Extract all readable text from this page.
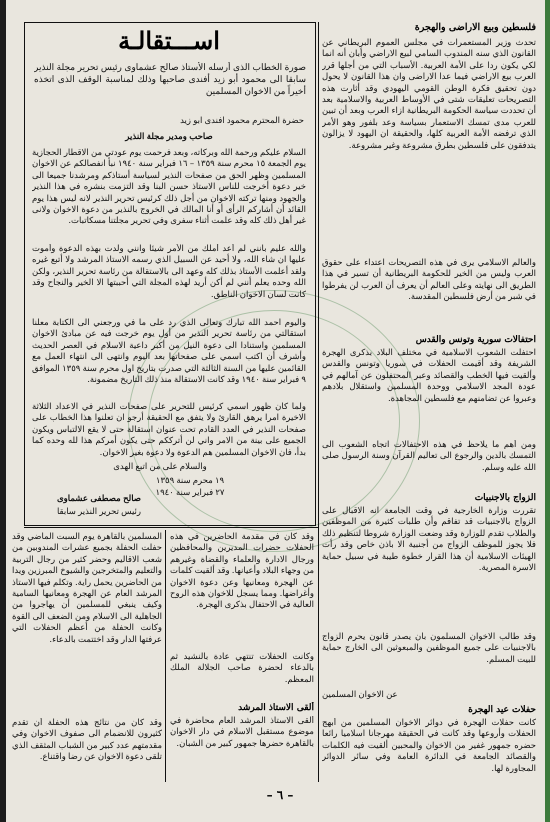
اســـتقالـة
صورة الخطاب الذى أرسله الأستاذ صالح عشماوى رئيس تحرير مجلة النذير سابقا الى محمود أبو زيد أفندى صاحبها وذلك لمناسبة الوقف الذى اتخذه أخيراً من الاخوان المسلمين
حضرة المحترم محمود افندى ابو زيد
صاحب ومدير مجلة النذير
السلام عليكم ورحمة الله وبركاته، وبعد فرحمت يوم عودتي من الاقطار الحجازية يوم الجمعة ١٥ محرم سنة ١٣٥٩ – ١٦ فبراير سنة ١٩٤٠ نبأ انفصالكم عن الاخوان المسلمين وظهر الحق من صفحات النذير لسياسة أستاذكم ومرشدنا جميعا الى خير دعوة أخرجت للناس الاستاذ حسن البنا وقد التزمت بنشره في هذا النذير والجهود ومنها تركته الاخوان من أجل ذلك كرئيس تحرير النذير لانه ليس هذا يوم القائد أن أشاركم الرأى أو أنا المالك في الخروج بالنذير من دعوة الاخوان ولانى غير أهل ذلك كله وقد علمت أثناء سفرى وفي تحرير مجلتنا مسكاتبات.
والله عليم بأنني لم أعد أملك من الأمر شيئاً وانني ولدت بهذه الدعوة وأموت عليها ان شاء الله، ولا أحيد عن السبيل الذي رسمه الاستاذ المرشد ولا أتبع غيره ولقد أعلمت الأستاذ بذلك كله وعهد الى بالاستقالة من رئاسة تحرير النذير، ولكن الله وحده يعلم أنني لم أكن أريد لهذه المجلة التي أحببتها الا الخير والنجاح وقد كانت لسان الاخوان الناطق.
واليوم احمد الله تبارك وتعالى الذي رد على ما في ورجعني الى الكتابة معلنا استقالتي من رئاسة تحرير النذير من أول يوم خرجت فيه عن مبادئ الاخوان المسلمين واستنادا الى دعوة النيل من أكبر داعية الاسلام في العصر الحديث وأشرف أن اكتب اسمي على صفحاتها بعد اليوم وانتهى الى انتهاء العمل مع القائمين عليها من السنة الثالثة التي صدرت بتاريخ اول محرم سنة ١٣٥٩ الموافق ٩ فبراير سنة ١٩٤٠ وقد كانت الاستقالة منذ ذلك التاريخ مضمونة.
ولما كان ظهور اسمي كرئيس للتحرير على صفحات النذير في الاعداد الثلاثة الاخيرة امرا يرهق القارئ ولا يتفق مع الحقيقة أرجو ان تعلنوا هذا الخطاب على صفحات النذير في العدد القادم تحت عنوان استقالة حتى لا يقع الالتباس ويكون الجميع على بينة من الامر واني لن أترككم حتى يكون أمركم هذا لله وحده كما بدأ، فان الاخوان المسلمين هم الدعوة ولا دعوة بغير الاخوان.
والسلام على من اتبع الهدى
١٩ محرم سنة ١٣٥٩
٢٧ فبراير سنة ١٩٤٠
صالح مصطفى عشماوى
رئيس تحرير النذير سابقاً
فلسطين وبيع الاراضى والهجرة
تحدث وزير المستعمرات في مجلس العموم البريطاني عن القانون الذي سنه المندوب السامي لبيع الاراضي وأبان أنه انما لكي يكون ردا على الأمة العربية. الأسباب التي من أجلها قرر العرب بيع الاراضي فيما عدا الاراضى وان هذا القانون لا يحول دون تحقيق فكرة الوطن القومي اليهودي وقد أثارت هذه التصريحات تعليقات شتى في الأوساط العربية والاسلامية بعد أن تحددت سياسة الحكومة البريطانية ازاء العرب وبعد أن تبين للعرب مدى تمسك الاستعمار بسياسة وعد بلفور وهو الأمر الذي ترفضه الأمة العربية كلها، والحقيقة ان اليهود لا يزالون يتدفقون على فلسطين بطرق مشروعة وغير مشروعة.
والعالم الاسلامي يرى في هذه التصريحات اعتداء على حقوق العرب وليس من الخير للحكومة البريطانية أن تسير في هذا الطريق الى نهايته وعلى العالم أن يعرف أن العرب لن يفرطوا في شبر من أرض فلسطين المقدسة.
احتفالات سورية وتونس والقدس
احتفلت الشعوب الاسلامية في مختلف البلاد بذكرى الهجرة الشريفة وقد أقيمت الحفلات في سوريا وتونس والقدس وألقيت فيها الخطب والقصائد وعبر المحتفلون عن آمالهم في عودة المجد الاسلامي ووحدة المسلمين واستقلال بلادهم وعبروا عن تضامنهم مع فلسطين المجاهدة.
ومن أهم ما يلاحظ في هذه الاحتفالات اتجاه الشعوب الى التمسك بالدين والرجوع الى تعاليم القرآن وسنة الرسول صلى الله عليه وسلم.
الزواج بالاجنبيات
تقررت وزارة الخارجية في وقت الجامعة انه الاقبال على الزواج بالاجنبيات قد تفاقم وأن طلبات كثيرة من الموظفين والطلاب تقدم للوزارة وقد وضعت الوزارة شروطا لتنظيم ذلك فلا يجوز للموظف الزواج من أجنبية الا باذن خاص وقد رأت الهيئات الاسلامية أن هذا القرار خطوة طيبة في سبيل حماية الاسرة المصرية.
وقد طالب الاخوان المسلمون بان يصدر قانون يحرم الزواج بالاجنبيات على جميع الموظفين والمبعوثين الى الخارج حماية للبيت المسلم.
عن الاخوان المسلمين
حفلات عيد الهجرة
كانت حفلات الهجرة في دوائر الاخوان المسلمين من أبهج الحفلات وأروعها وقد كانت في الحقيقة مهرجانا اسلاميا رائعا حضره جمهور غفير من الاخوان والمحبين ألقيت فيه الكلمات والقصائد الجامعة في الدائرة العامة وفي سائر الدوائر المجاورة لها.
وقد كان في مقدمة الحاضرين في هذه الحفلات حضرات المديرين والمحافظين ورجال الادارة والعلماء والقضاة وغيرهم من وجهاء البلاد وأعيانها. وقد ألقيت كلمات عن الهجرة ومعانيها وعن دعوة الاخوان وأغراضها. ومما يسجل للاخوان هذه الروح العالية في الاحتفال بذكرى الهجرة.
وكانت الحفلات تنتهي عادة بالنشيد ثم بالدعاء لحضرة صاحب الجلالة الملك المعظم.
ألقى الاستاذ المرشد
ألقى الاستاذ المرشد العام محاضرة في موضوع مستقبل الاسلام في دار الاخوان بالقاهرة حضرها جمهور كبير من الشبان.
المسلمين بالقاهرة يوم السبت الماضي وقد حفلت الحفلة بجميع عشرات المندوبين من شعب الاقاليم وحضر كثير من رجال التربية والتعليم والمتخرجين والشيوخ المبرزين ويدا من الحاضرين يحمل راية. وتكلم فيها الاستاذ المرشد العام عن الهجرة ومعانيها السامية وكيف ينبغي للمسلمين أن يهاجروا من الجاهلية الى الاسلام ومن الضعف الى القوة وكانت الحفلة من أعظم الحفلات التي عرفتها الدار وقد اختتمت بالدعاء.
وقد كان من نتائج هذه الحفلة أن تقدم كثيرون للانضمام الى صفوف الاخوان وفي مقدمتهم عدد كبير من الشباب المثقف الذي تلقى دعوة الاخوان عن رضا واقتناع.
– ٦ –
